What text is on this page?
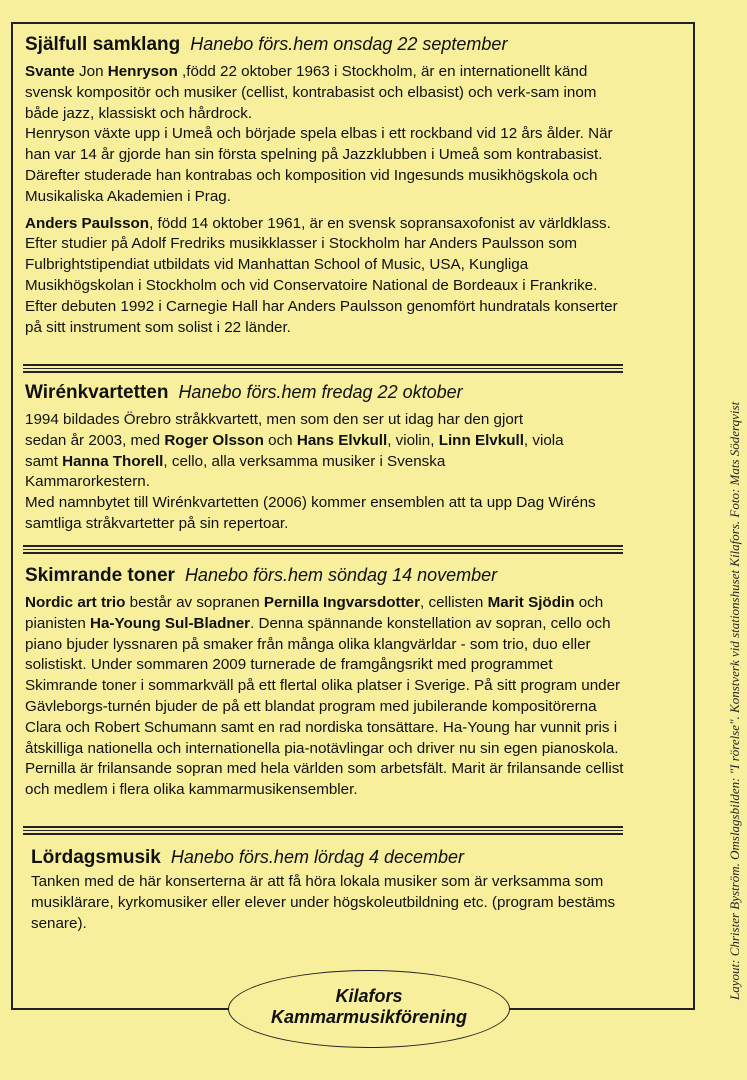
Själfull samklang Hanebo förs.hem onsdag 22 september

Svante Jon Henryson ,född 22 oktober 1963 i Stockholm, är en internationellt känd svensk kompositör och musiker (cellist, kontrabasist och elbasist) och verk-sam inom både jazz, klassiskt och hårdrock.

Henryson växte upp i Umeå och började spela elbas i ett rockband vid 12 års ålder. När han var 14 år gjorde han sin första spelning på Jazzklubben i Umeå som kontrabasist. Därefter studerade han kontrabas och komposition vid Ingesunds musikhögskola och Musikaliska Akademien i Prag.

Anders Paulsson, född 14 oktober 1961, är en svensk sopransaxofonist av världklass. Efter studier på Adolf Fredriks musikklasser i Stockholm har Anders Paulsson som Fulbrightstipendiat utbildats vid Manhattan School of Music, USA, Kungliga Musikhögskolan i Stockholm och vid Conservatoire National de Bordeaux i Frankrike.

Efter debuten 1992 i Carnegie Hall har Anders Paulsson genomfört hundratals konserter på sitt instrument som solist i 22 länder.

Wirénkvartetten Hanebo förs.hem fredag 22 oktober

1994 bildades Örebro stråkkvartett, men som den ser ut idag har den gjort sedan år 2003, med Roger Olsson och Hans Elvkull, violin, Linn Elvkull, viola samt Hanna Thorell, cello, alla verksamma musiker i Svenska Kammarorkestern.

Med namnbytet till Wirénkvartetten (2006) kommer ensemblen att ta upp Dag Wiréns samtliga stråkvartetter på sin repertoar.

Skimrande toner Hanebo förs.hem söndag 14 november

Nordic art trio består av sopranen Pernilla Ingvarsdotter, cellisten Marit Sjödin och pianisten Ha-Young Sul-Bladner. Denna spännande konstellation av sopran, cello och piano bjuder lyssnaren på smaker från många olika klangvärldar - som trio, duo eller solistiskt. Under sommaren 2009 turnerade de framgångsrikt med programmet Skimrande toner i sommarkväll på ett flertal olika platser i Sverige. På sitt program under Gävleborgs-turnén bjuder de på ett blandat program med jubilerande kompositörerna Clara och Robert Schumann samt en rad nordiska tonsättare. Ha-Young har vunnit pris i åtskilliga nationella och internationella pia-notävlingar och driver nu sin egen pianoskola. Pernilla är frilansande sopran med hela världen som arbetsfält. Marit är frilansande cellist och medlem i flera olika kammarmusikensembler.

Lördagsmusik Hanebo förs.hem lördag 4 december

Tanken med de här konserterna är att få höra lokala musiker som är verksamma som musiklärare, kyrkomusiker eller elever under högskoleutbildning etc. (program bestäms senare).	Layout: Christer Byström. Omslagsbilden: "I rörelse". Konstverk vid stationshuset Kilafors. Foto: Mats Söderqvist
Kilafors
Kammarmusikförening
